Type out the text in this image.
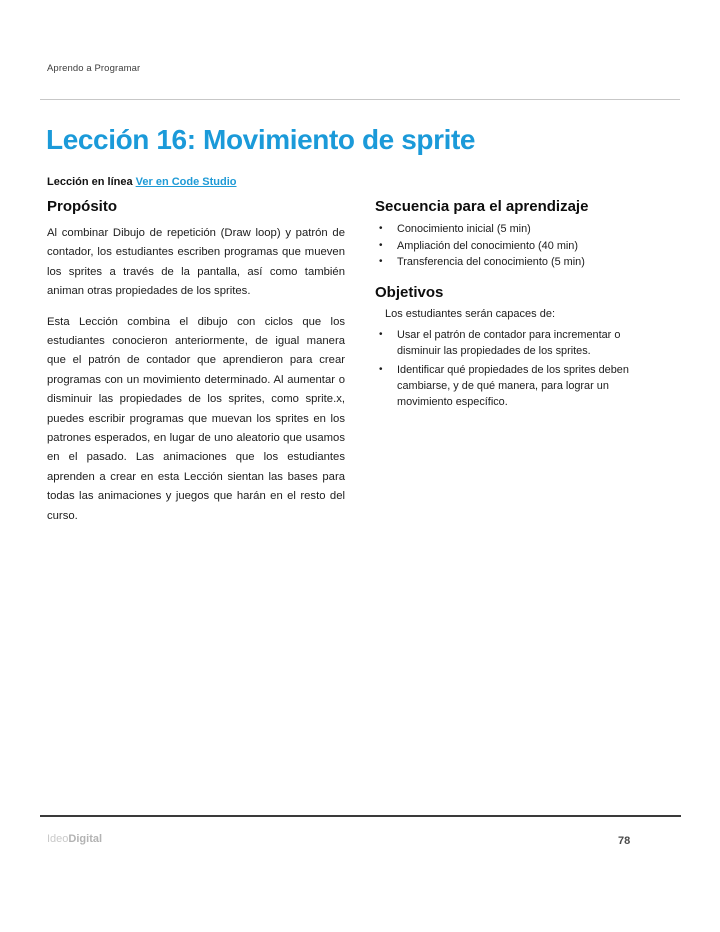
Aprendo a Programar
Lección 16: Movimiento de sprite
Lección en línea Ver en Code Studio
Propósito

Al combinar Dibujo de repetición (Draw loop) y patrón de contador, los estudiantes escriben programas que mueven los sprites a través de la pantalla, así como también animan otras propiedades de los sprites.

Esta Lección combina el dibujo con ciclos que los estudiantes conocieron anteriormente, de igual manera que el patrón de contador que aprendieron para crear programas con un movimiento determinado. Al aumentar o disminuir las propiedades de los sprites, como sprite.x, puedes escribir programas que muevan los sprites en los patrones esperados, en lugar de uno aleatorio que usamos en el pasado. Las animaciones que los estudiantes aprenden a crear en esta Lección sientan las bases para todas las animaciones y juegos que harán en el resto del curso.

Secuencia para el aprendizaje
•	Conocimiento inicial (5 min)
•	Ampliación del conocimiento (40 min)
•	Transferencia del conocimiento (5 min)
Objetivos

Los estudiantes serán capaces de:

•	Usar el patrón de contador para incrementar o disminuir las propiedades de los sprites.
•	Identificar qué propiedades de los sprites deben cambiarse, y de qué manera, para lograr un movimiento específico.
IdeoDigital	78
